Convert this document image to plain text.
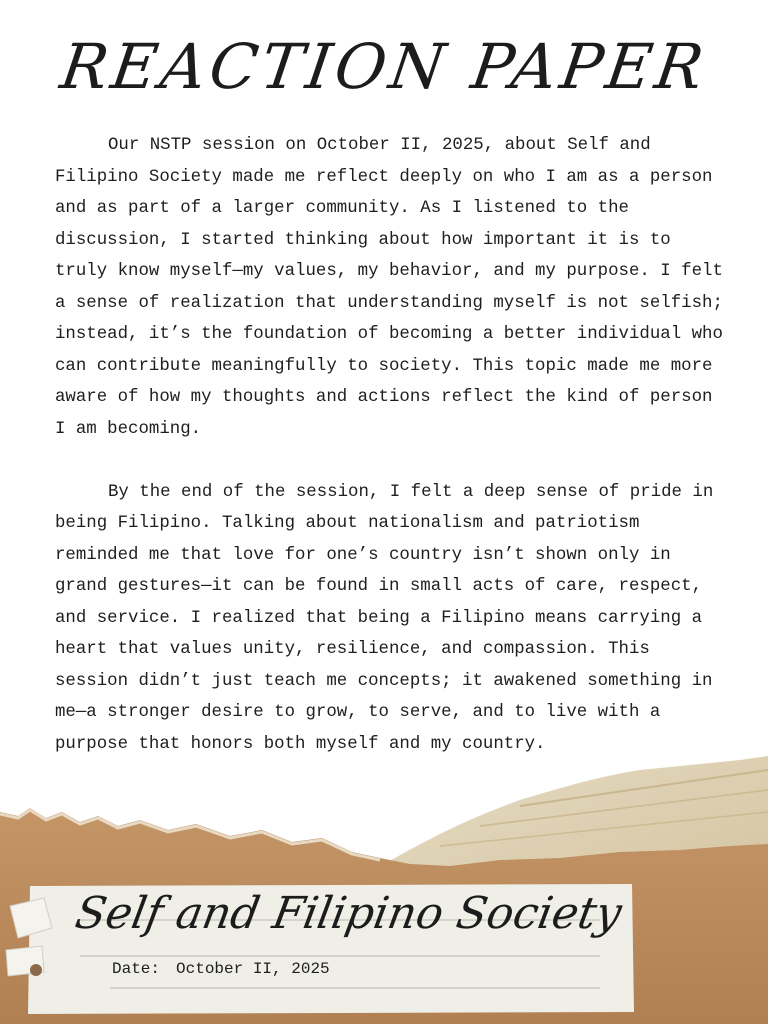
REACTION PAPER

Our NSTP session on October II, 2025, about Self and Filipino Society made me reflect deeply on who I am as a person and as part of a larger community. As I listened to the discussion, I started thinking about how important it is to truly know myself—my values, my behavior, and my purpose. I felt a sense of realization that understanding myself is not selfish; instead, it’s the foundation of becoming a better individual who can contribute meaningfully to society. This topic made me more aware of how my thoughts and actions reflect the kind of person I am becoming.

By the end of the session, I felt a deep sense of pride in being Filipino. Talking about nationalism and patriotism reminded me that love for one’s country isn’t shown only in grand gestures—it can be found in small acts of care, respect, and service. I realized that being a Filipino means carrying a heart that values unity, resilience, and compassion. This session didn’t just teach me concepts; it awakened something in me—a stronger desire to grow, to serve, and to live with a purpose that honors both myself and my country.

Self and Filipino Society
Date: October II, 2025
